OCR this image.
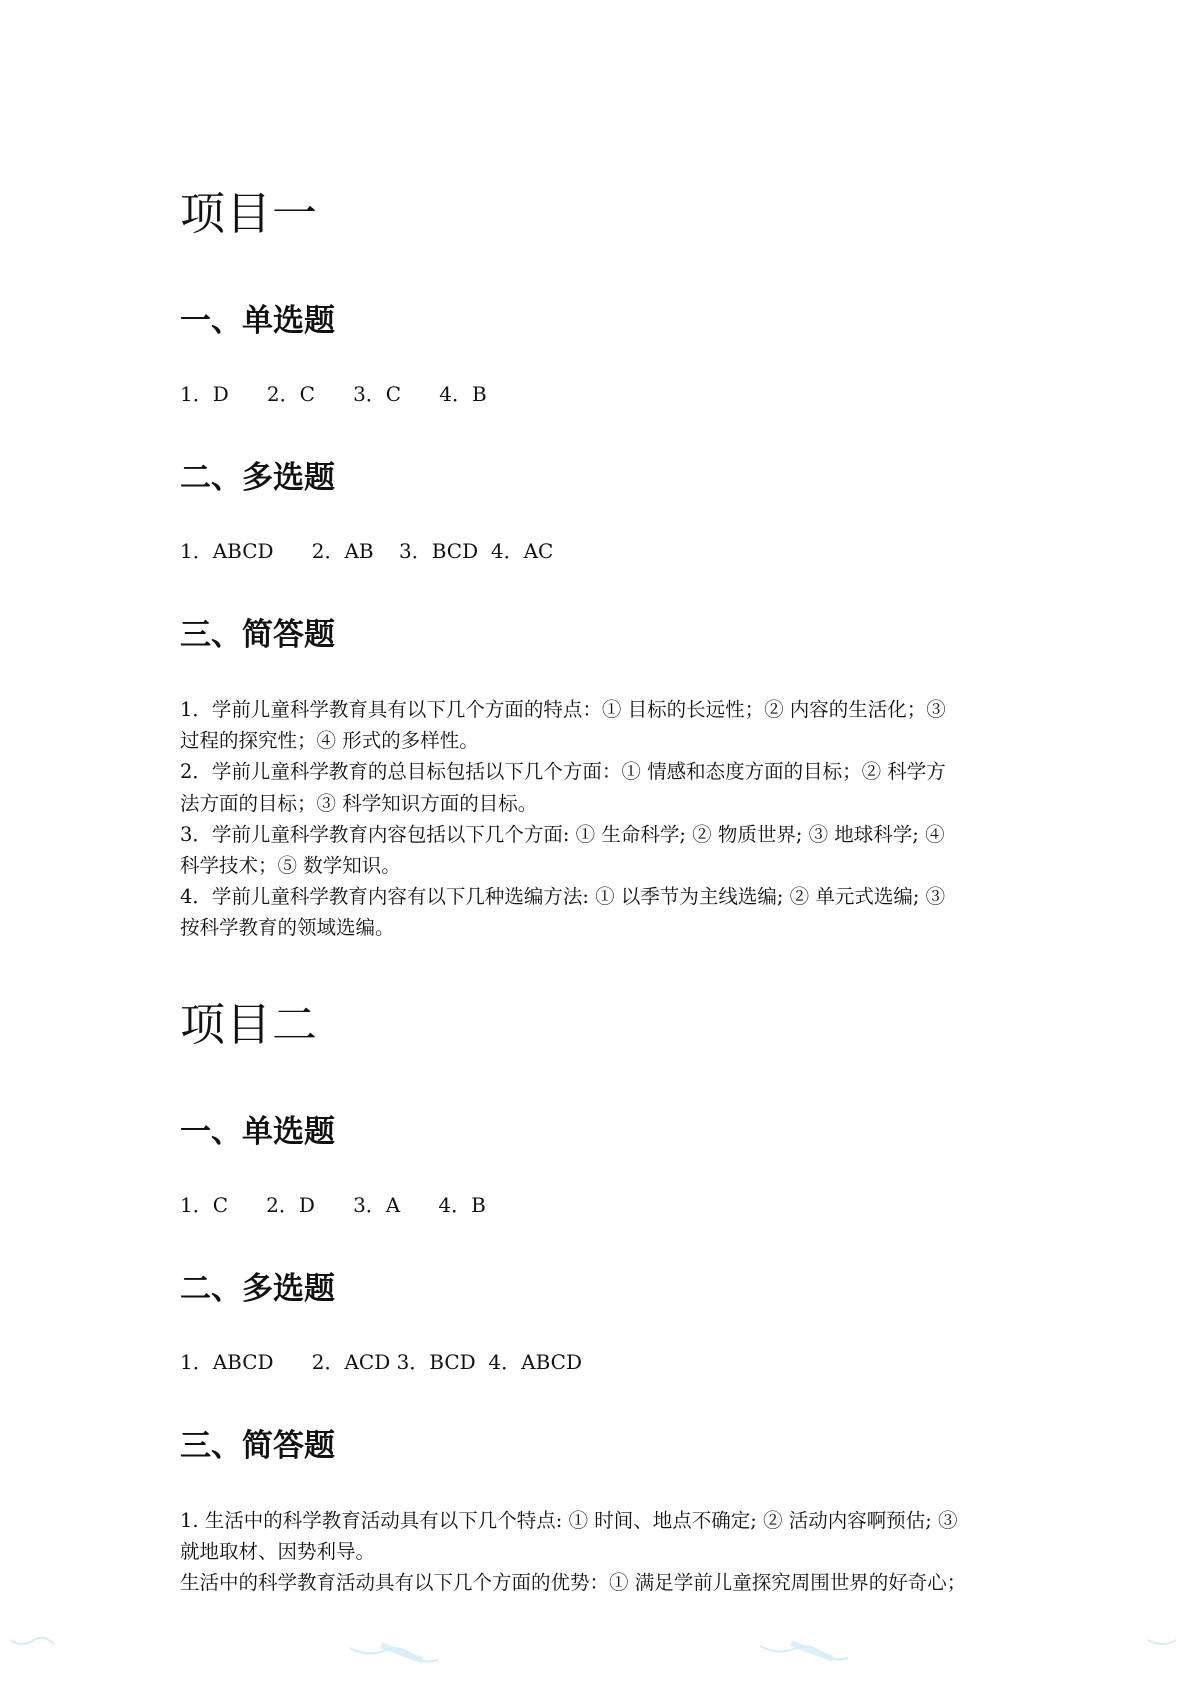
项目一
一、单选题
1．D      2．C      3．C      4．B
二、多选题
1．ABCD      2．AB    3．BCD  4．AC
三、简答题

1．学前儿童科学教育具有以下几个方面的特点：① 目标的长远性；② 内容的生活化；③

过程的探究性；④ 形式的多样性。

2．学前儿童科学教育的总目标包括以下几个方面：① 情感和态度方面的目标；② 科学方

法方面的目标；③ 科学知识方面的目标。

3．学前儿童科学教育内容包括以下几个方面: ① 生命科学; ② 物质世界; ③ 地球科学; ④

科学技术；⑤ 数学知识。

4．学前儿童科学教育内容有以下几种选编方法: ① 以季节为主线选编; ② 单元式选编; ③

按科学教育的领域选编。

项目二
一、单选题
1．C      2．D      3．A      4．B
二、多选题
1．ABCD      2．ACD 3．BCD  4．ABCD
三、简答题

1. 生活中的科学教育活动具有以下几个特点: ① 时间、地点不确定; ② 活动内容啊预估; ③

就地取材、因势利导。

生活中的科学教育活动具有以下几个方面的优势：① 满足学前儿童探究周围世界的好奇心；
